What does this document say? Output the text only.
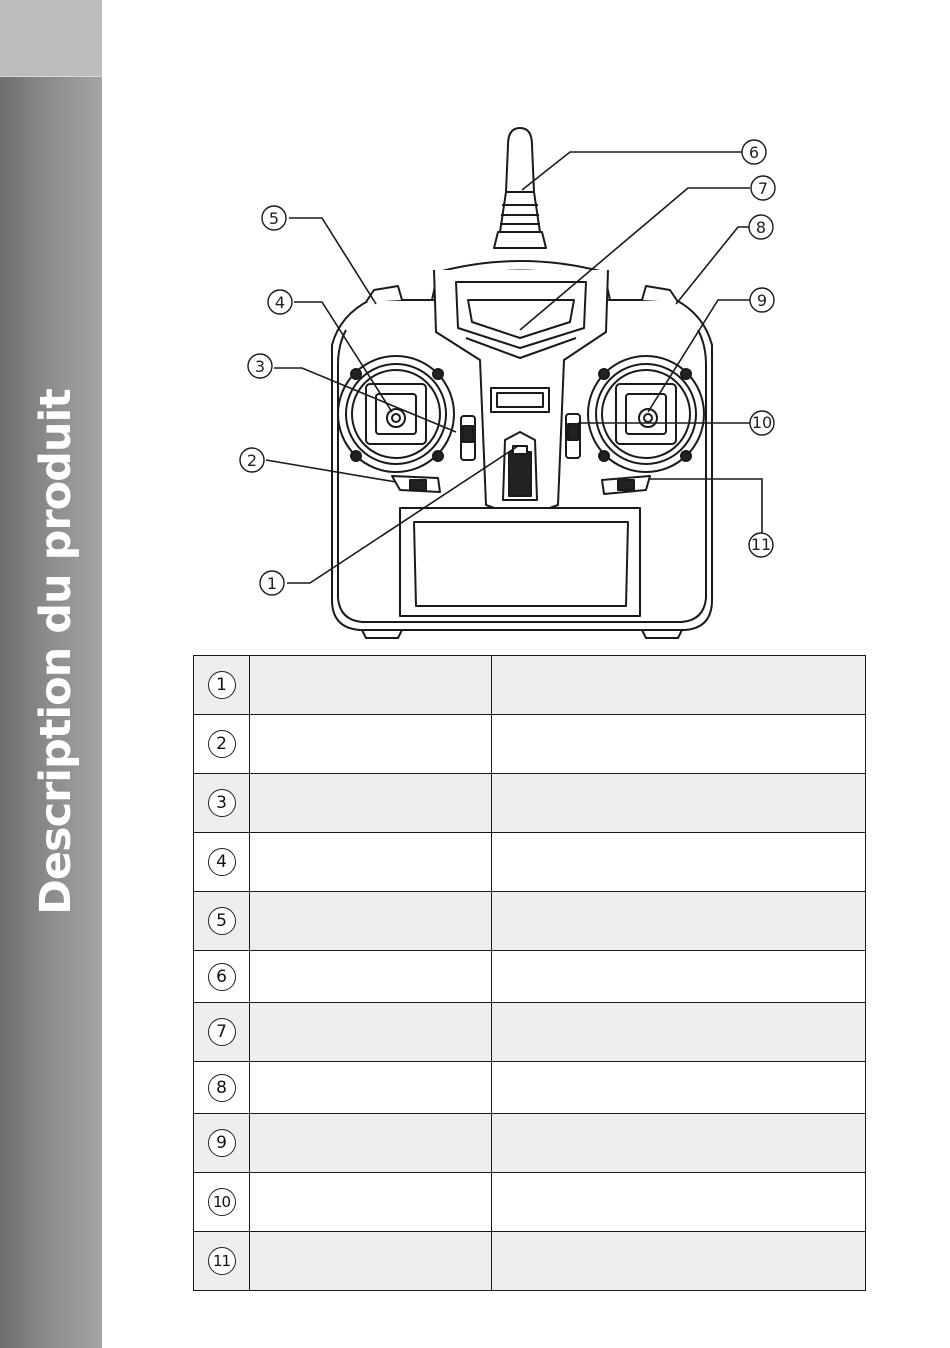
Description du produit
6
7
8
9
10
11
5
4
3
2
1
1		
2		
3		
4		
5		
6		
7		
8		
9		
10		
11		
